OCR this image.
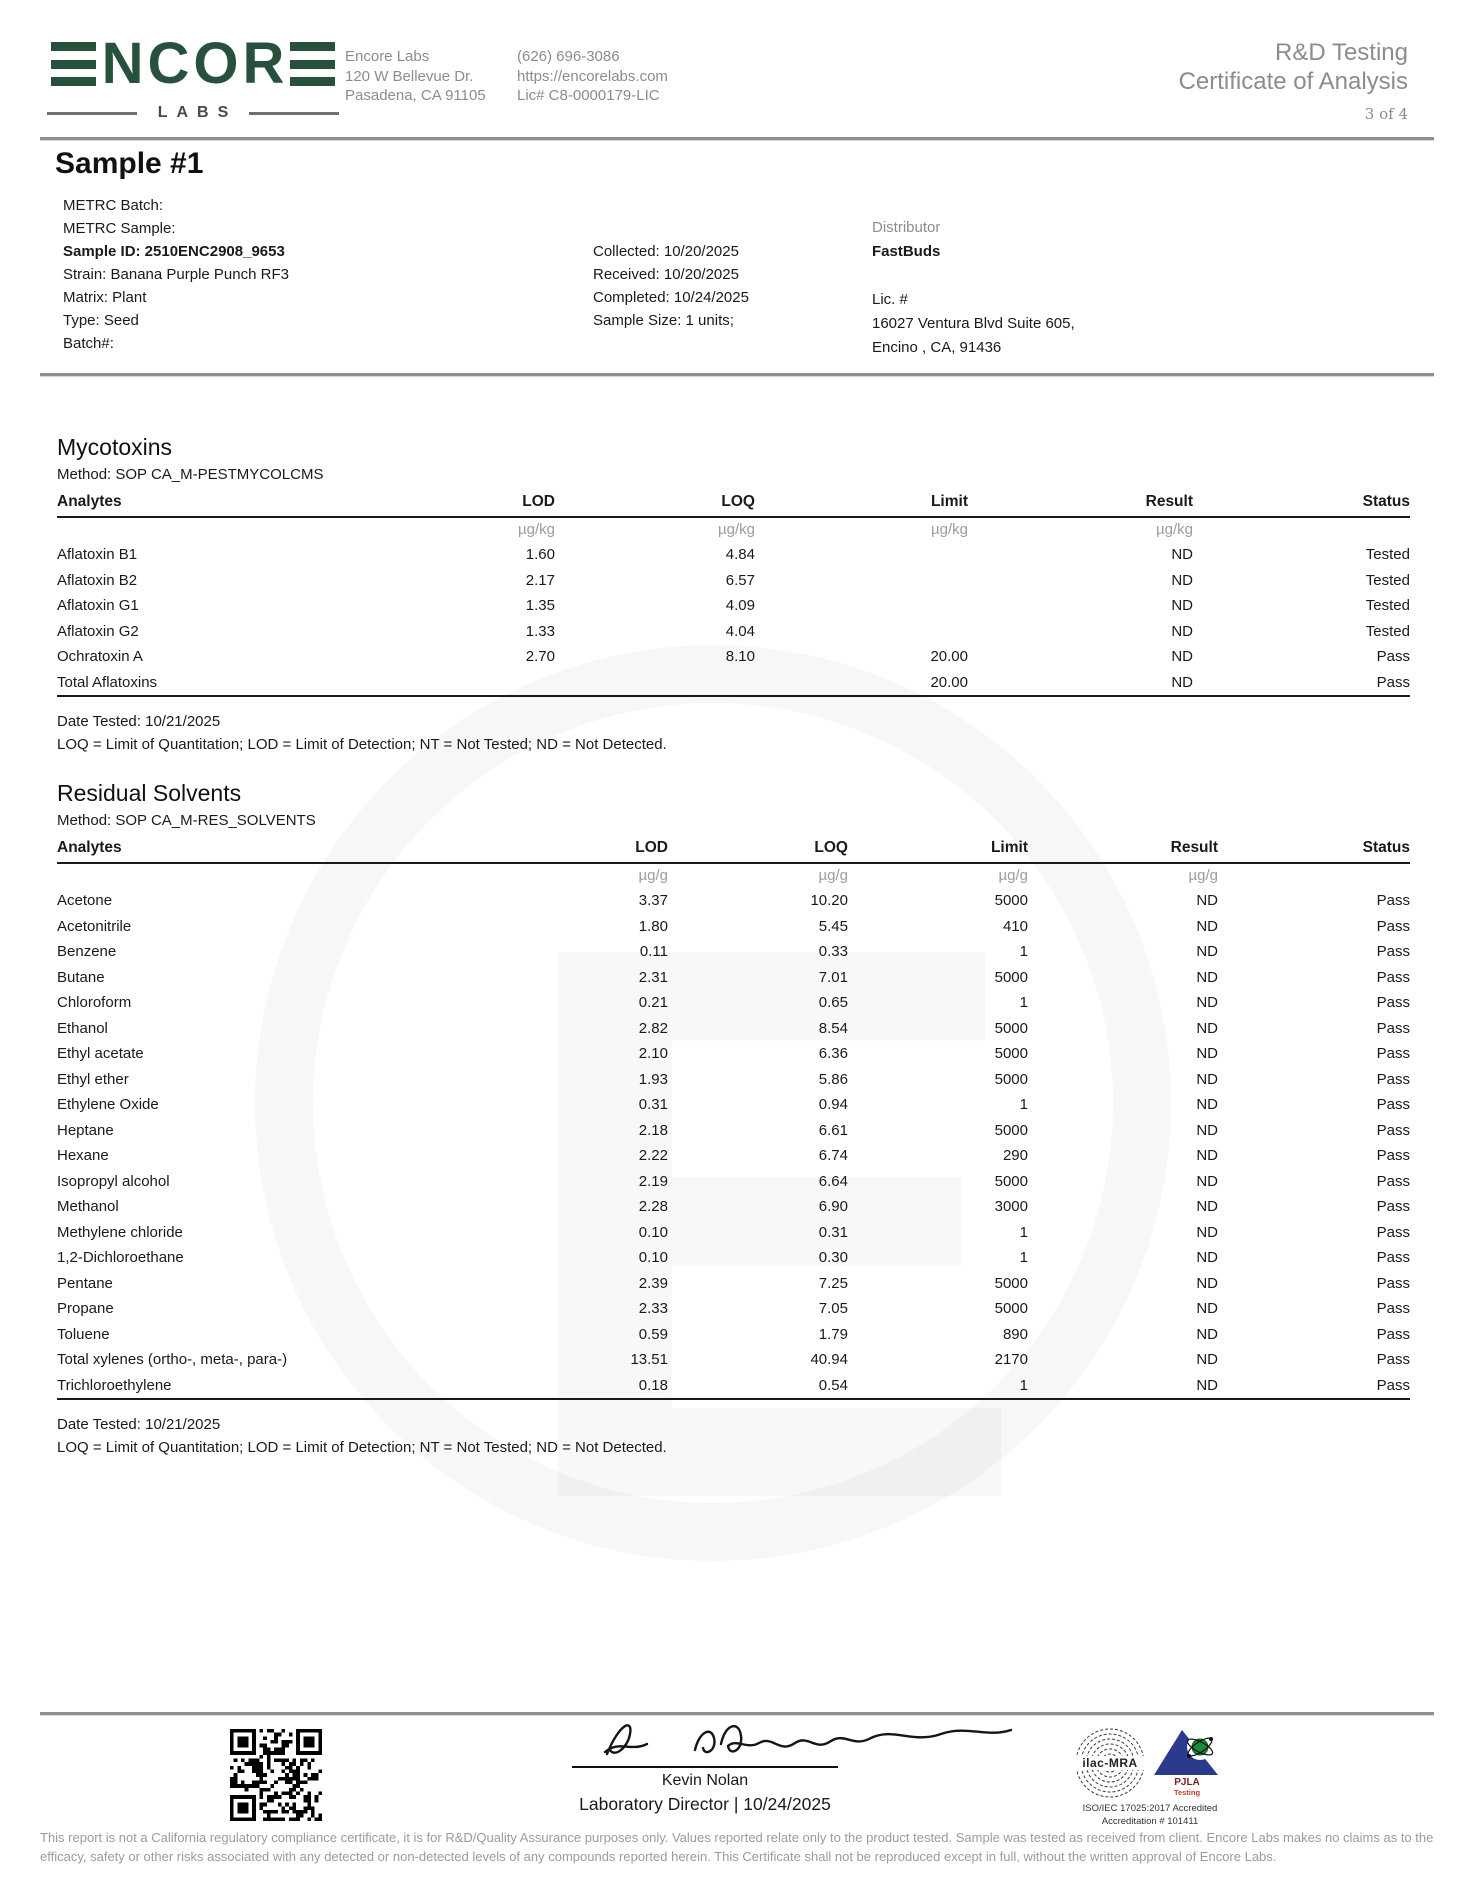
N C O R
LABS
Encore Labs
120 W Bellevue Dr.
Pasadena, CA 91105
(626) 696-3086
https://encorelabs.com
Lic# C8-0000179-LIC
R&D Testing
Certificate of Analysis
3 of 4
Sample #1
METRC Batch:
METRC Sample:
Sample ID: 2510ENC2908_9653
Strain: Banana Purple Punch RF3
Matrix: Plant
Type: Seed
Batch#:
Collected: 10/20/2025
Received: 10/20/2025
Completed: 10/24/2025
Sample Size: 1 units;
Distributor
FastBuds
Lic. #
16027 Ventura Blvd Suite 605,
Encino , CA, 91436
Mycotoxins
Method: SOP CA_M-PESTMYCOLCMS
Analytes	LOD	LOQ	Limit	Result	Status
	µg/kg	µg/kg	µg/kg	µg/kg	
Aflatoxin B1	1.60	4.84		ND	Tested
Aflatoxin B2	2.17	6.57		ND	Tested
Aflatoxin G1	1.35	4.09		ND	Tested
Aflatoxin G2	1.33	4.04		ND	Tested
Ochratoxin A	2.70	8.10	20.00	ND	Pass
Total Aflatoxins			20.00	ND	Pass
Date Tested: 10/21/2025
LOQ = Limit of Quantitation; LOD = Limit of Detection; NT = Not Tested; ND = Not Detected.
Residual Solvents
Method: SOP CA_M-RES_SOLVENTS
Analytes	LOD	LOQ	Limit	Result	Status
	µg/g	µg/g	µg/g	µg/g	
Acetone	3.37	10.20	5000	ND	Pass
Acetonitrile	1.80	5.45	410	ND	Pass
Benzene	0.11	0.33	1	ND	Pass
Butane	2.31	7.01	5000	ND	Pass
Chloroform	0.21	0.65	1	ND	Pass
Ethanol	2.82	8.54	5000	ND	Pass
Ethyl acetate	2.10	6.36	5000	ND	Pass
Ethyl ether	1.93	5.86	5000	ND	Pass
Ethylene Oxide	0.31	0.94	1	ND	Pass
Heptane	2.18	6.61	5000	ND	Pass
Hexane	2.22	6.74	290	ND	Pass
Isopropyl alcohol	2.19	6.64	5000	ND	Pass
Methanol	2.28	6.90	3000	ND	Pass
Methylene chloride	0.10	0.31	1	ND	Pass
1,2-Dichloroethane	0.10	0.30	1	ND	Pass
Pentane	2.39	7.25	5000	ND	Pass
Propane	2.33	7.05	5000	ND	Pass
Toluene	0.59	1.79	890	ND	Pass
Total xylenes (ortho-, meta-, para-)	13.51	40.94	2170	ND	Pass
Trichloroethylene	0.18	0.54	1	ND	Pass
Date Tested: 10/21/2025
LOQ = Limit of Quantitation; LOD = Limit of Detection; NT = Not Tested; ND = Not Detected.
Kevin Nolan
Laboratory Director | 10/24/2025
ilac-MRA
PJLA
Testing
ISO/IEC 17025:2017 Accredited
Accreditation # 101411
This report is not a California regulatory compliance certificate, it is for R&D/Quality Assurance purposes only. Values reported relate only to the product tested. Sample was tested as received from client. Encore Labs makes no claims as to the efficacy, safety or other risks associated with any detected or non-detected levels of any compounds reported herein. This Certificate shall not be reproduced except in full, without the written approval of Encore Labs.
